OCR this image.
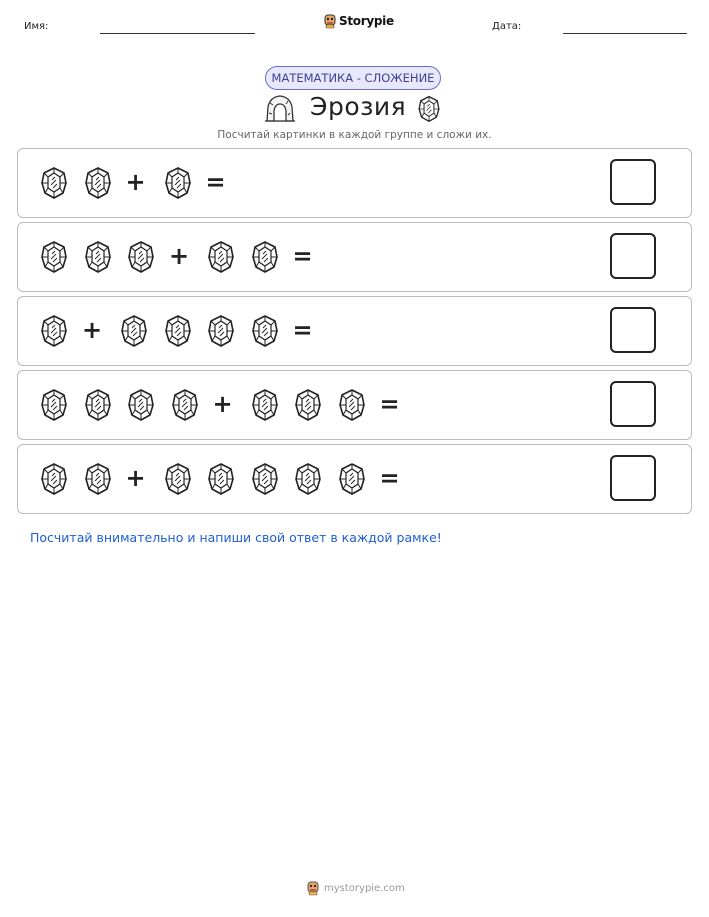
Имя:	Storypie	Дата:
МАТЕМАТИКА - СЛОЖЕНИЕ
Эрозия
Посчитай картинки в каждой группе и сложи их.
+ =
+	=
+	=
+	=
+	=
Посчитай внимательно и напиши свой ответ в каждой рамке!
mystorypie.com
